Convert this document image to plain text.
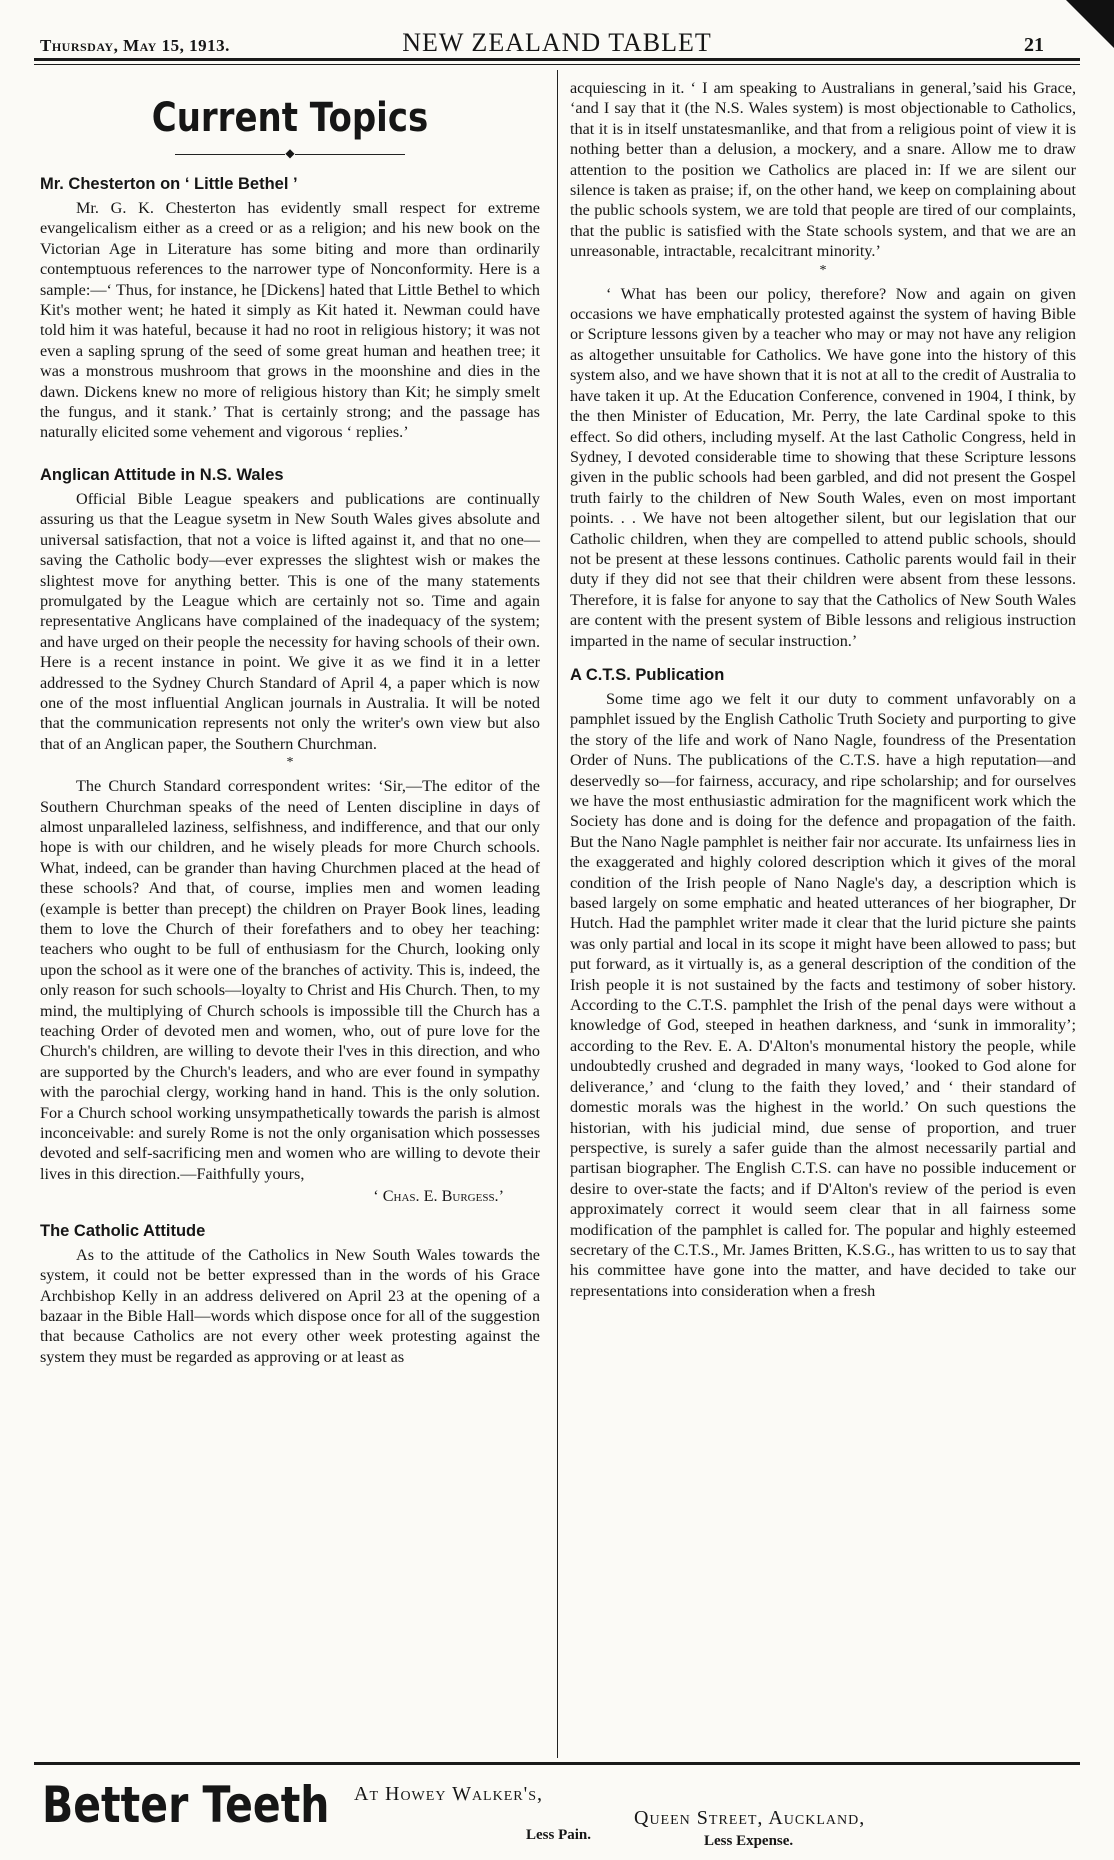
Thursday, May 15, 1913.	NEW ZEALAND TABLET	21
Current Topics
◆
Mr. Chesterton on ‘ Little Bethel ’

Mr. G. K. Chesterton has evidently small respect for extreme evangelicalism either as a creed or as a religion; and his new book on the Victorian Age in Literature has some biting and more than ordinarily contemptuous references to the narrower type of Nonconformity. Here is a sample:—‘ Thus, for instance, he [Dickens] hated that Little Bethel to which Kit's mother went; he hated it simply as Kit hated it. Newman could have told him it was hateful, because it had no root in religious history; it was not even a sapling sprung of the seed of some great human and heathen tree; it was a monstrous mushroom that grows in the moonshine and dies in the dawn. Dickens knew no more of religious history than Kit; he simply smelt the fungus, and it stank.’ That is certainly strong; and the passage has naturally elicited some vehement and vigorous ‘ replies.’

Anglican Attitude in N.S. Wales

Official Bible League speakers and publications are continually assuring us that the League sysetm in New South Wales gives absolute and universal satisfaction, that not a voice is lifted against it, and that no one—saving the Catholic body—ever expresses the slightest wish or makes the slightest move for anything better. This is one of the many statements promulgated by the League which are certainly not so. Time and again representative Anglicans have complained of the inadequacy of the system; and have urged on their people the necessity for having schools of their own. Here is a recent instance in point. We give it as we find it in a letter addressed to the Sydney Church Standard of April 4, a paper which is now one of the most influential Anglican journals in Australia. It will be noted that the communication represents not only the writer's own view but also that of an Anglican paper, the Southern Churchman.

*

The Church Standard correspondent writes: ‘Sir,—The editor of the Southern Churchman speaks of the need of Lenten discipline in days of almost unparalleled laziness, selfishness, and indifference, and that our only hope is with our children, and he wisely pleads for more Church schools. What, indeed, can be grander than having Churchmen placed at the head of these schools? And that, of course, implies men and women leading (example is better than precept) the children on Prayer Book lines, leading them to love the Church of their forefathers and to obey her teaching: teachers who ought to be full of enthusiasm for the Church, looking only upon the school as it were one of the branches of activity. This is, indeed, the only reason for such schools—loyalty to Christ and His Church. Then, to my mind, the multiplying of Church schools is impossible till the Church has a teaching Order of devoted men and women, who, out of pure love for the Church's children, are willing to devote their l'ves in this direction, and who are supported by the Church's leaders, and who are ever found in sympathy with the parochial clergy, working hand in hand. This is the only solution. For a Church school working unsympathetically towards the parish is almost inconceivable: and surely Rome is not the only organisation which possesses devoted and self-sacrificing men and women who are willing to devote their lives in this direction.—Faithfully yours,

‘ Chas. E. Burgess.’
The Catholic Attitude

As to the attitude of the Catholics in New South Wales towards the system, it could not be better expressed than in the words of his Grace Archbishop Kelly in an address delivered on April 23 at the opening of a bazaar in the Bible Hall—words which dispose once for all of the suggestion that because Catholics are not every other week protesting against the system they must be regarded as approving or at least as

acquiescing in it. ‘ I am speaking to Australians in general,’said his Grace, ‘and I say that it (the N.S. Wales system) is most objectionable to Catholics, that it is in itself unstatesmanlike, and that from a religious point of view it is nothing better than a delusion, a mockery, and a snare. Allow me to draw attention to the position we Catholics are placed in: If we are silent our silence is taken as praise; if, on the other hand, we keep on complaining about the public schools system, we are told that people are tired of our complaints, that the public is satisfied with the State schools system, and that we are an unreasonable, intractable, recalcitrant minority.’

*

‘ What has been our policy, therefore? Now and again on given occasions we have emphatically protested against the system of having Bible or Scripture lessons given by a teacher who may or may not have any religion as altogether unsuitable for Catholics. We have gone into the history of this system also, and we have shown that it is not at all to the credit of Australia to have taken it up. At the Education Conference, convened in 1904, I think, by the then Minister of Education, Mr. Perry, the late Cardinal spoke to this effect. So did others, including myself. At the last Catholic Congress, held in Sydney, I devoted considerable time to showing that these Scripture lessons given in the public schools had been garbled, and did not present the Gospel truth fairly to the children of New South Wales, even on most important points. . . We have not been altogether silent, but our legislation that our Catholic children, when they are compelled to attend public schools, should not be present at these lessons continues. Catholic parents would fail in their duty if they did not see that their children were absent from these lessons. Therefore, it is false for anyone to say that the Catholics of New South Wales are content with the present system of Bible lessons and religious instruction imparted in the name of secular instruction.’

A C.T.S. Publication

Some time ago we felt it our duty to comment unfavorably on a pamphlet issued by the English Catholic Truth Society and purporting to give the story of the life and work of Nano Nagle, foundress of the Presentation Order of Nuns. The publications of the C.T.S. have a high reputation—and deservedly so—for fairness, accuracy, and ripe scholarship; and for ourselves we have the most enthusiastic admiration for the magnificent work which the Society has done and is doing for the defence and propagation of the faith. But the Nano Nagle pamphlet is neither fair nor accurate. Its unfairness lies in the exaggerated and highly colored description which it gives of the moral condition of the Irish people of Nano Nagle's day, a description which is based largely on some emphatic and heated utterances of her biographer, Dr Hutch. Had the pamphlet writer made it clear that the lurid picture she paints was only partial and local in its scope it might have been allowed to pass; but put forward, as it virtually is, as a general description of the condition of the Irish people it is not sustained by the facts and testimony of sober history. According to the C.T.S. pamphlet the Irish of the penal days were without a knowledge of God, steeped in heathen darkness, and ‘sunk in immorality’; according to the Rev. E. A. D'Alton's monumental history the people, while undoubtedly crushed and degraded in many ways, ‘looked to God alone for deliverance,’ and ‘clung to the faith they loved,’ and ‘ their standard of domestic morals was the highest in the world.’ On such questions the historian, with his judicial mind, due sense of proportion, and truer perspective, is surely a safer guide than the almost necessarily partial and partisan biographer. The English C.T.S. can have no possible inducement or desire to over-state the facts; and if D'Alton's review of the period is even approximately correct it would seem clear that in all fairness some modification of the pamphlet is called for. The popular and highly esteemed secretary of the C.T.S., Mr. James Britten, K.S.G., has written to us to say that his committee have gone into the matter, and have decided to take our representations into consideration when a fresh

Better Teeth At Howey Walker's,
Queen Street, Auckland,
Less Pain.	Less Expense.
